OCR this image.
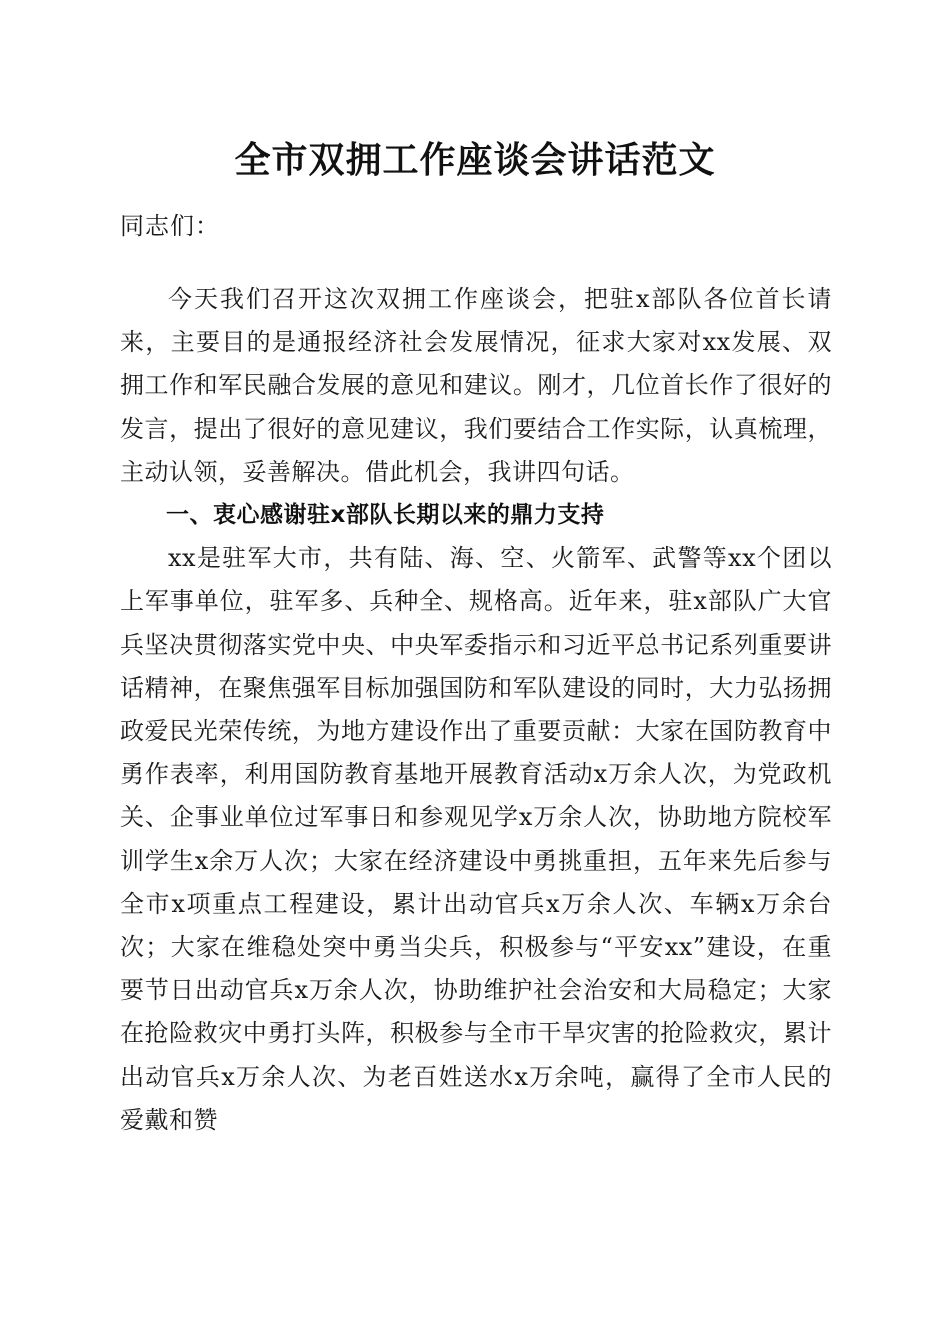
全市双拥工作座谈会讲话范文

同志们：

今天我们召开这次双拥工作座谈会，把驻x部队各位首长请来，主要目的是通报经济社会发展情况，征求大家对xx发展、双拥工作和军民融合发展的意见和建议。刚才，几位首长作了很好的发言，提出了很好的意见建议，我们要结合工作实际，认真梳理，主动认领，妥善解决。借此机会，我讲四句话。

一、衷心感谢驻x部队长期以来的鼎力支持

xx是驻军大市，共有陆、海、空、火箭军、武警等xx个团以上军事单位，驻军多、兵种全、规格高。近年来，驻x部队广大官兵坚决贯彻落实党中央、中央军委指示和习近平总书记系列重要讲话精神，在聚焦强军目标加强国防和军队建设的同时，大力弘扬拥政爱民光荣传统，为地方建设作出了重要贡献：大家在国防教育中勇作表率，利用国防教育基地开展教育活动x万余人次，为党政机关、企事业单位过军事日和参观见学x万余人次，协助地方院校军训学生x余万人次；大家在经济建设中勇挑重担，五年来先后参与全市x项重点工程建设，累计出动官兵x万余人次、车辆x万余台次；大家在维稳处突中勇当尖兵，积极参与“平安xx”建设，在重要节日出动官兵x万余人次，协助维护社会治安和大局稳定；大家在抢险救灾中勇打头阵，积极参与全市干旱灾害的抢险救灾，累计出动官兵x万余人次、为老百姓送水x万余吨，赢得了全市人民的爱戴和赞
